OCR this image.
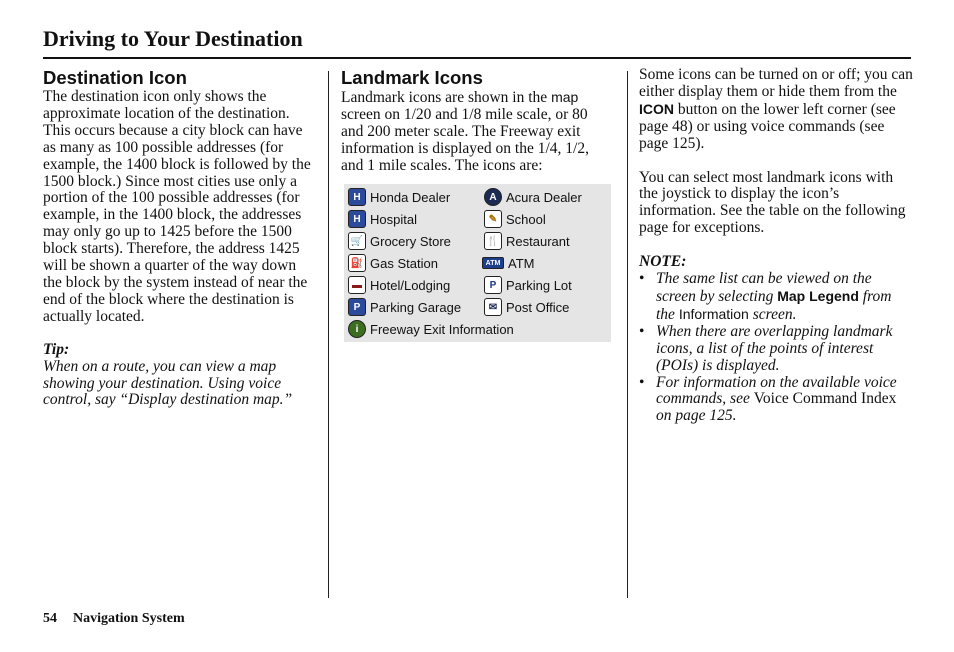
Driving to Your Destination

Destination Icon

The destination icon only shows the approximate location of the destination. This occurs because a city block can have as many as 100 possible addresses (for example, the 1400 block is followed by the 1500 block.) Since most cities use only a portion of the 100 possible addresses (for example, in the 1400 block, the addresses may only go up to 1425 before the 1500 block starts). Therefore, the address 1425 will be shown a quarter of the way down the block by the system instead of near the end of the block where the destination is actually located.

Tip:

When on a route, you can view a map showing your destination. Using voice control, say “Display destination map.”

Landmark Icons

Landmark icons are shown in the map screen on 1/20 and 1/8 mile scale, or 80 and 200 meter scale. The Freeway exit information is displayed on the 1/4, 1/2, and 1 mile scales. The icons are:

H Honda Dealer	A Acura Dealer
H Hospital	✎ School
🛒 Grocery Store	🍴 Restaurant
⛽ Gas Station	ATM ATM
▬ Hotel/Lodging	P Parking Lot
P Parking Garage	✉ Post Office
i Freeway Exit Information

Some icons can be turned on or off; you can either display them or hide them from the ICON button on the lower left corner (see page 48) or using voice commands (see page 125).

You can select most landmark icons with the joystick to display the icon’s information. See the table on the following page for exceptions.

NOTE:

• The same list can be viewed on the screen by selecting Map Legend from the Information screen.
• When there are overlapping landmark icons, a list of the points of interest (POIs) is displayed.
• For information on the available voice commands, see Voice Command Index on page 125.
54 Navigation System
